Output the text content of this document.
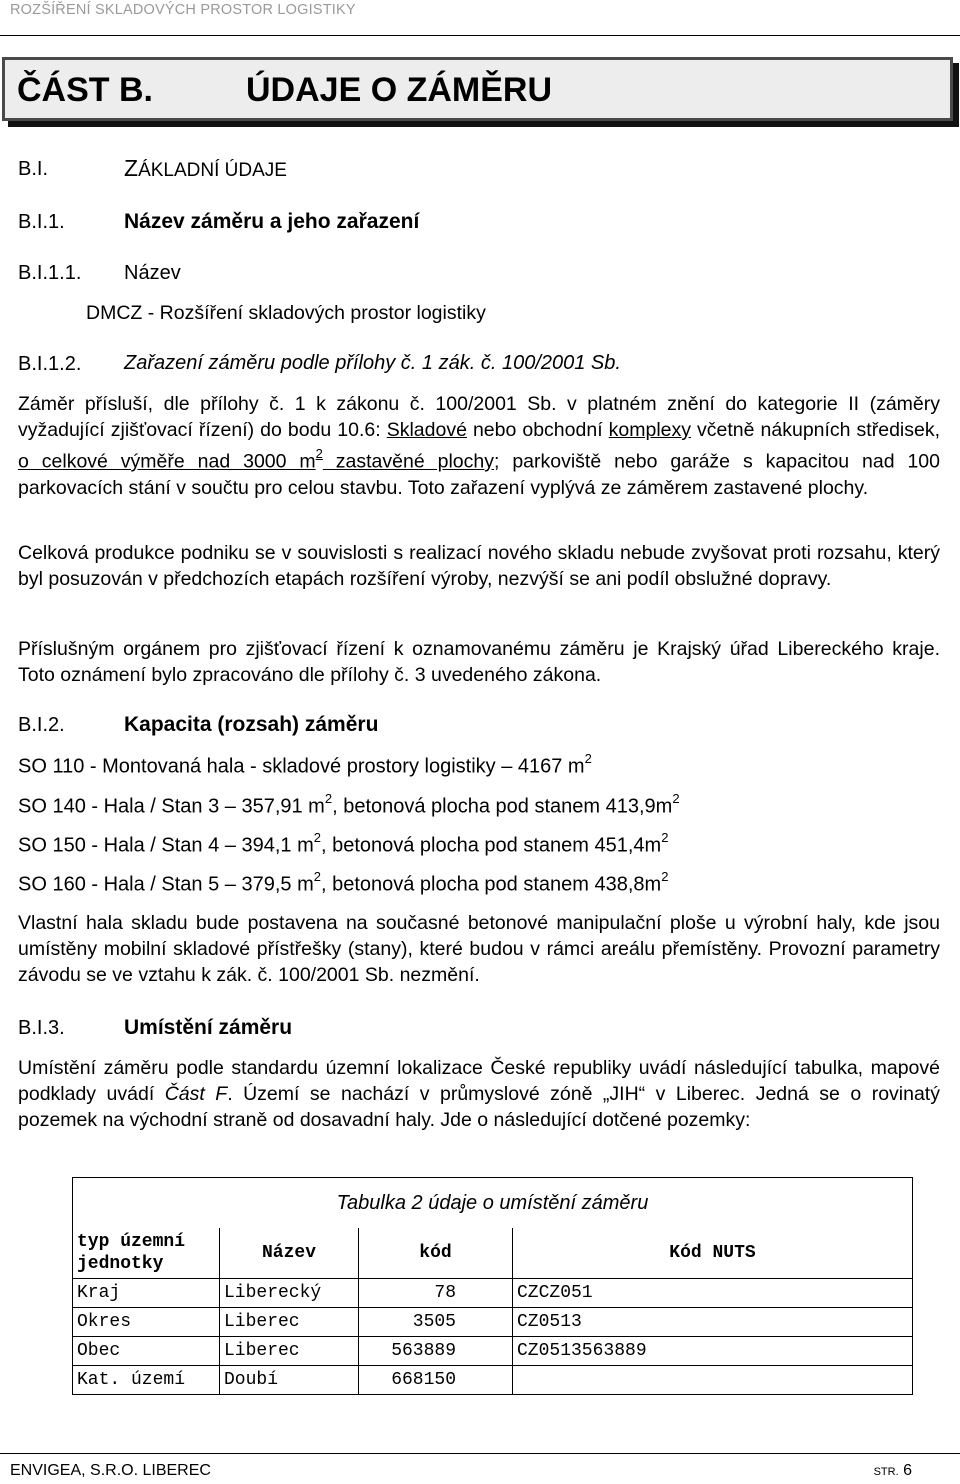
ROZŠÍŘENÍ SKLADOVÝCH PROSTOR LOGISTIKY
ČÁST B.	ÚDAJE O ZÁMĚRU
B.I.	ZÁKLADNÍ ÚDAJE
B.I.1.	Název záměru a jeho zařazení
B.I.1.1. Název
DMCZ - Rozšíření skladových prostor logistiky
B.I.1.2. Zařazení záměru podle přílohy č. 1 zák. č. 100/2001 Sb.
Záměr přísluší, dle přílohy č. 1 k zákonu č. 100/2001 Sb. v platném znění do kategorie II (záměry vyžadující zjišťovací řízení) do bodu 10.6: Skladové nebo obchodní komplexy včetně nákupních středisek, o celkové výměře nad 3000 $m^2$ zastavěné plochy; parkoviště nebo garáže s kapacitou nad 100 parkovacích stání v součtu pro celou stavbu. Toto zařazení vyplývá ze záměrem zastavené plochy.
Celková produkce podniku se v souvislosti s realizací nového skladu nebude zvyšovat proti rozsahu, který byl posuzován v předchozích etapách rozšíření výroby, nezvýší se ani podíl obslužné dopravy.
Příslušným orgánem pro zjišťovací řízení k oznamovanému záměru je Krajský úřad Libereckého kraje. Toto oznámení bylo zpracováno dle přílohy č. 3 uvedeného zákona.
B.I.2.	Kapacita (rozsah) záměru
SO 110 - Montovaná hala - skladové prostory logistiky – 4167 $m^2$
SO 140 - Hala / Stan 3 – 357,91 $m^2$, betonová plocha pod stanem $413,9m^2$
SO 150 - Hala / Stan 4 – 394,1 $m^2$, betonová plocha pod stanem $451,4m^2$
SO 160 - Hala / Stan 5 – 379,5 $m^2$, betonová plocha pod stanem $438,8m^2$
Vlastní hala skladu bude postavena na současné betonové manipulační ploše u výrobní haly, kde jsou umístěny mobilní skladové přístřešky (stany), které budou v rámci areálu přemístěny. Provozní parametry závodu se ve vztahu k zák. č. 100/2001 Sb. nezmění.
B.I.3.	Umístění záměru
Umístění záměru podle standardu územní lokalizace České republiky uvádí následující tabulka, mapové podklady uvádí Část F. Území se nachází v průmyslové zóně „JIH“ v Liberec. Jedná se o rovinatý pozemek na východní straně od dosavadní haly. Jde o následující dotčené pozemky:
Tabulka 2 údaje o umístění záměru			
typ územní jednotky	Název	kód	Kód NUTS
Kraj	Liberecký	78	CZCZ051
Okres	Liberec	3505	CZ0513
Obec	Liberec	563889	CZ0513563889
Kat. území	Doubí	668150	
ENVIGEA, S.R.O. LIBEREC	STR. 6
